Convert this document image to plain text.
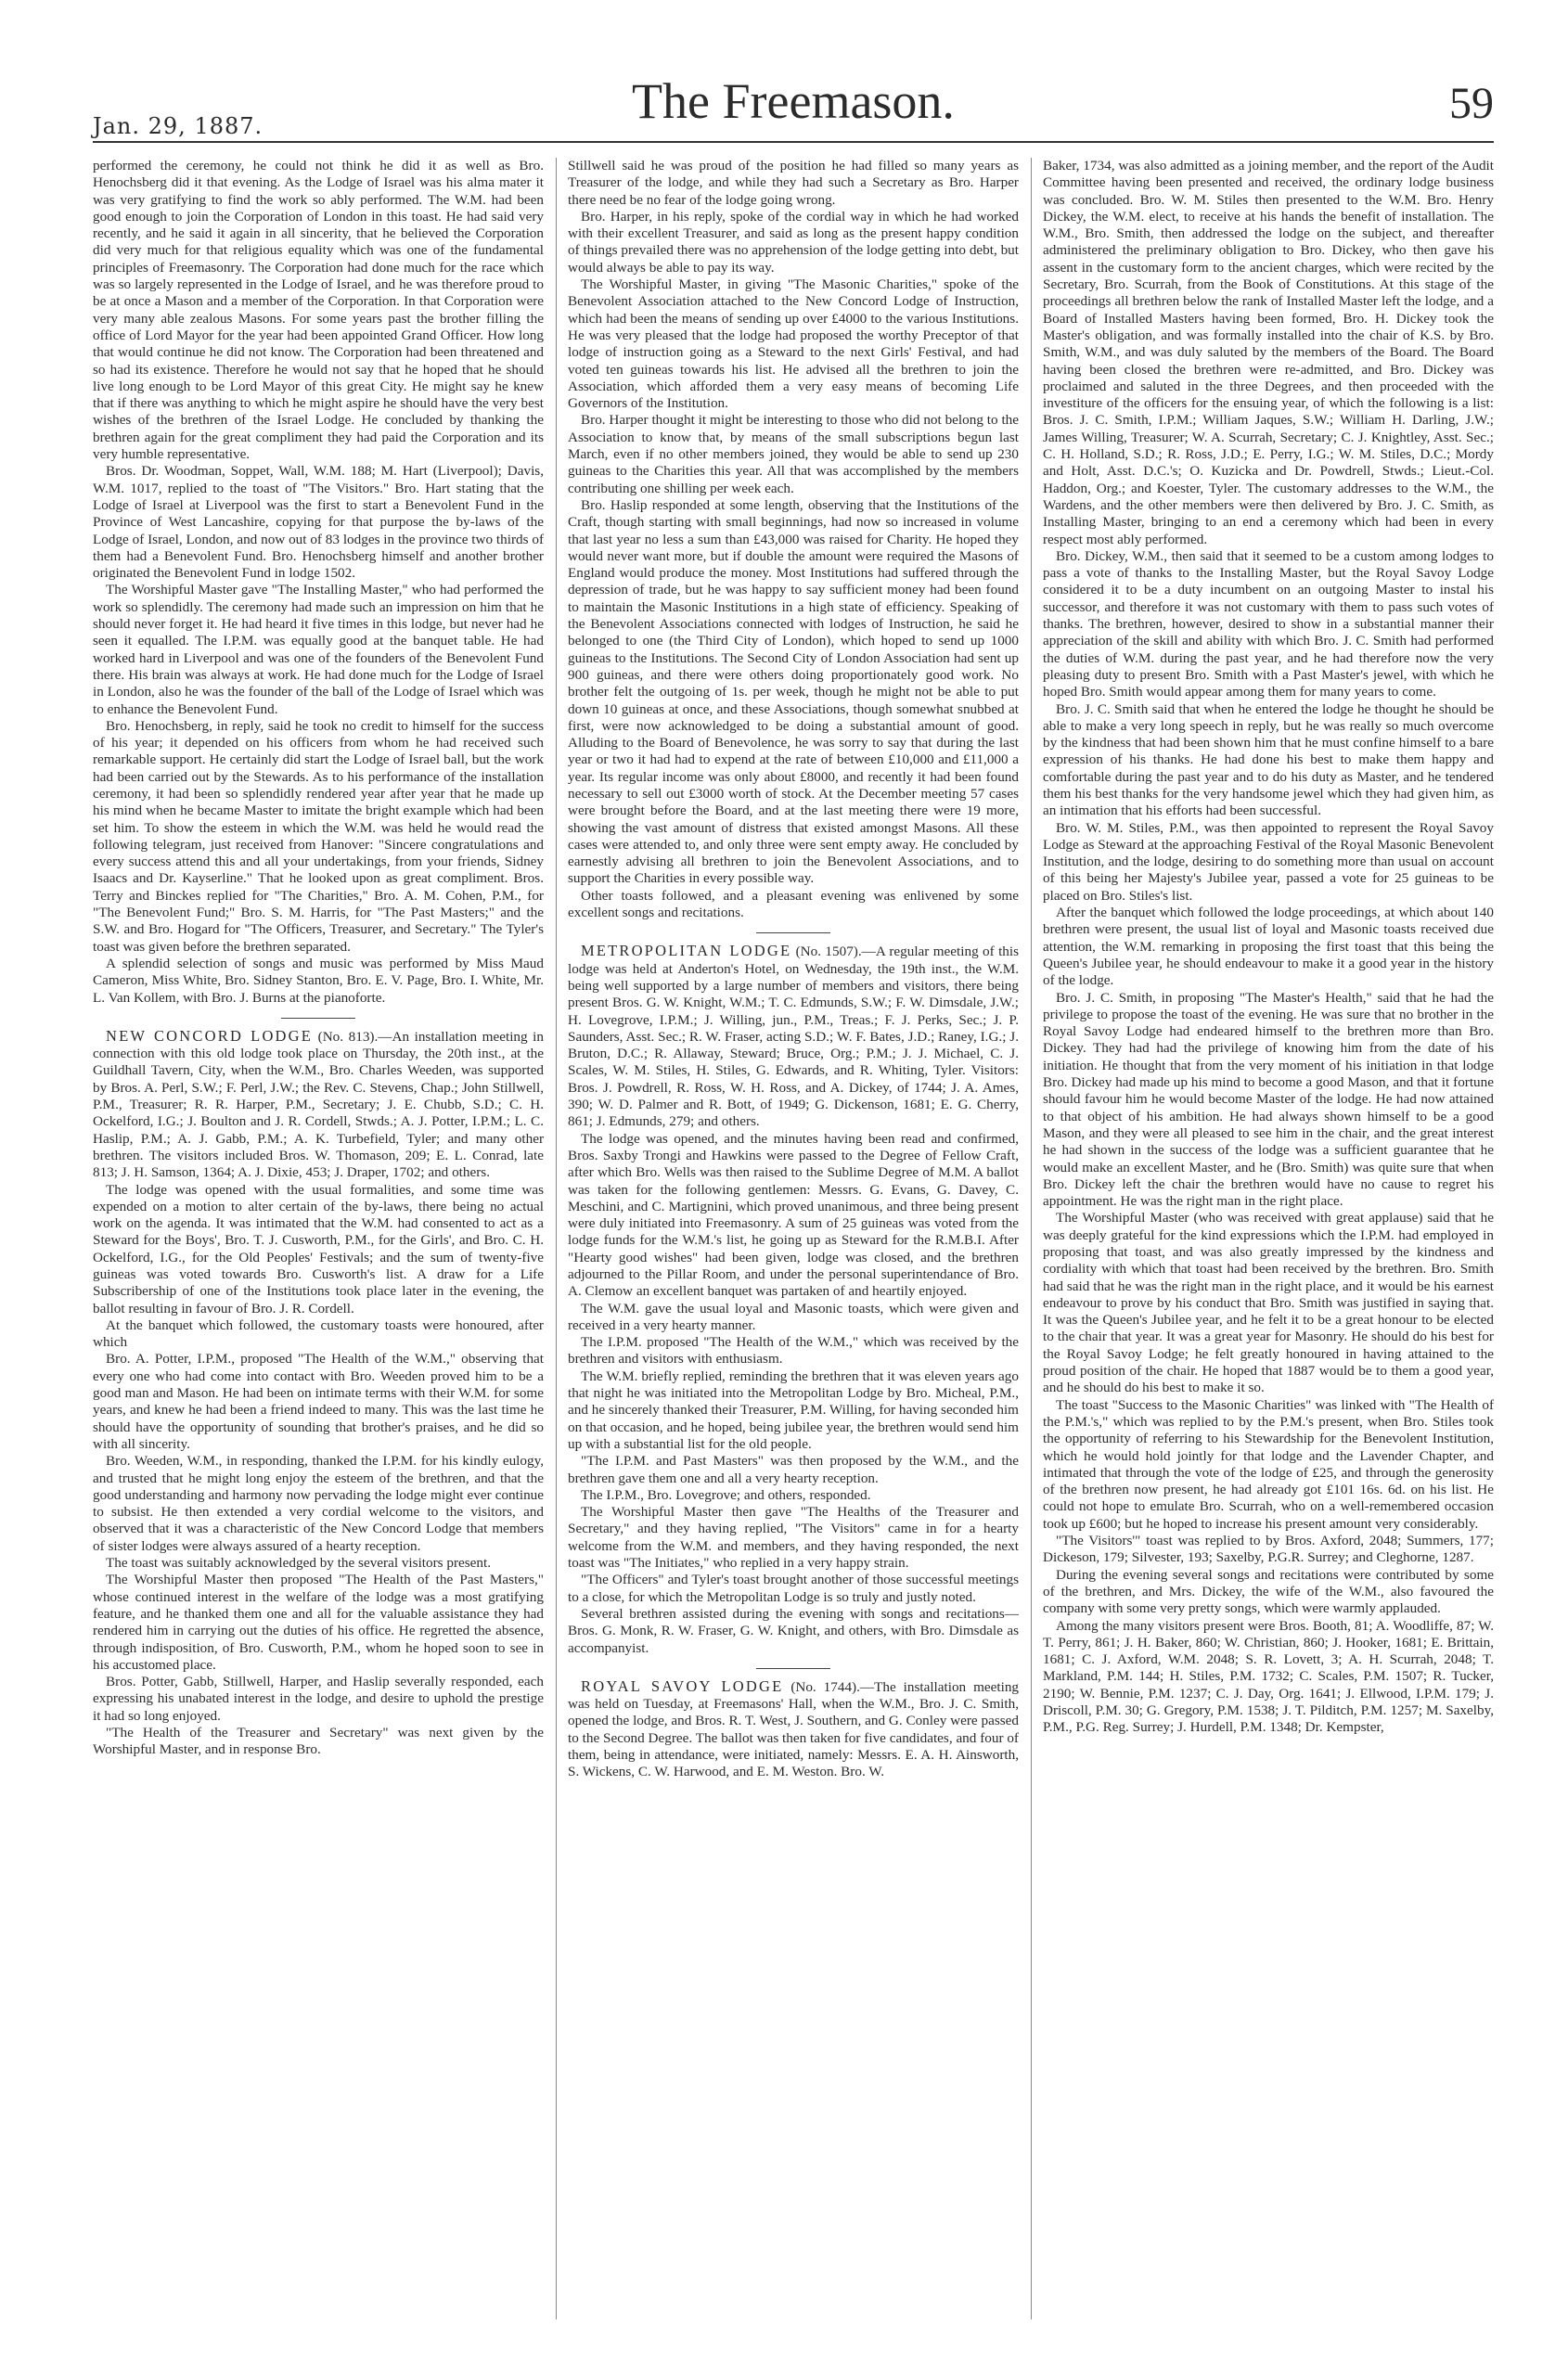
Jan. 29, 1887.	The Freemason.	59

performed the ceremony, he could not think he did it as well as Bro. Henochsberg did it that evening. As the Lodge of Israel was his alma mater it was very gratifying to find the work so ably performed. The W.M. had been good enough to join the Corporation of London in this toast. He had said very recently, and he said it again in all sincerity, that he believed the Corporation did very much for that religious equality which was one of the fundamental principles of Freemasonry. The Corporation had done much for the race which was so largely represented in the Lodge of Israel, and he was therefore proud to be at once a Mason and a member of the Corporation. In that Corporation were very many able zealous Masons. For some years past the brother filling the office of Lord Mayor for the year had been appointed Grand Officer. How long that would continue he did not know. The Corporation had been threatened and so had its existence. Therefore he would not say that he hoped that he should live long enough to be Lord Mayor of this great City. He might say he knew that if there was anything to which he might aspire he should have the very best wishes of the brethren of the Israel Lodge. He concluded by thanking the brethren again for the great compliment they had paid the Corporation and its very humble representative.

Bros. Dr. Woodman, Soppet, Wall, W.M. 188; M. Hart (Liverpool); Davis, W.M. 1017, replied to the toast of "The Visitors." Bro. Hart stating that the Lodge of Israel at Liverpool was the first to start a Benevolent Fund in the Province of West Lancashire, copying for that purpose the by-laws of the Lodge of Israel, London, and now out of 83 lodges in the province two thirds of them had a Benevolent Fund. Bro. Henochsberg himself and another brother originated the Benevolent Fund in lodge 1502.

The Worshipful Master gave "The Installing Master," who had performed the work so splendidly. The ceremony had made such an impression on him that he should never forget it. He had heard it five times in this lodge, but never had he seen it equalled. The I.P.M. was equally good at the banquet table. He had worked hard in Liverpool and was one of the founders of the Benevolent Fund there. His brain was always at work. He had done much for the Lodge of Israel in London, also he was the founder of the ball of the Lodge of Israel which was to enhance the Benevolent Fund.

Bro. Henochsberg, in reply, said he took no credit to himself for the success of his year; it depended on his officers from whom he had received such remarkable support. He certainly did start the Lodge of Israel ball, but the work had been carried out by the Stewards. As to his performance of the installation ceremony, it had been so splendidly rendered year after year that he made up his mind when he became Master to imitate the bright example which had been set him. To show the esteem in which the W.M. was held he would read the following telegram, just received from Hanover: "Sincere congratulations and every success attend this and all your undertakings, from your friends, Sidney Isaacs and Dr. Kayserline." That he looked upon as great compliment. Bros. Terry and Binckes replied for "The Charities," Bro. A. M. Cohen, P.M., for "The Benevolent Fund;" Bro. S. M. Harris, for "The Past Masters;" and the S.W. and Bro. Hogard for "The Officers, Treasurer, and Secretary." The Tyler's toast was given before the brethren separated.

A splendid selection of songs and music was performed by Miss Maud Cameron, Miss White, Bro. Sidney Stanton, Bro. E. V. Page, Bro. I. White, Mr. L. Van Kollem, with Bro. J. Burns at the pianoforte.

NEW CONCORD LODGE (No. 813).—An installation meeting in connection with this old lodge took place on Thursday, the 20th inst., at the Guildhall Tavern, City, when the W.M., Bro. Charles Weeden, was supported by Bros. A. Perl, S.W.; F. Perl, J.W.; the Rev. C. Stevens, Chap.; John Stillwell, P.M., Treasurer; R. R. Harper, P.M., Secretary; J. E. Chubb, S.D.; C. H. Ockelford, I.G.; J. Boulton and J. R. Cordell, Stwds.; A. J. Potter, I.P.M.; L. C. Haslip, P.M.; A. J. Gabb, P.M.; A. K. Turbefield, Tyler; and many other brethren. The visitors included Bros. W. Thomason, 209; E. L. Conrad, late 813; J. H. Samson, 1364; A. J. Dixie, 453; J. Draper, 1702; and others.

The lodge was opened with the usual formalities, and some time was expended on a motion to alter certain of the by-laws, there being no actual work on the agenda. It was intimated that the W.M. had consented to act as a Steward for the Boys', Bro. T. J. Cusworth, P.M., for the Girls', and Bro. C. H. Ockelford, I.G., for the Old Peoples' Festivals; and the sum of twenty-five guineas was voted towards Bro. Cusworth's list. A draw for a Life Subscribership of one of the Institutions took place later in the evening, the ballot resulting in favour of Bro. J. R. Cordell.

At the banquet which followed, the customary toasts were honoured, after which

Bro. A. Potter, I.P.M., proposed "The Health of the W.M.," observing that every one who had come into contact with Bro. Weeden proved him to be a good man and Mason. He had been on intimate terms with their W.M. for some years, and knew he had been a friend indeed to many. This was the last time he should have the opportunity of sounding that brother's praises, and he did so with all sincerity.

Bro. Weeden, W.M., in responding, thanked the I.P.M. for his kindly eulogy, and trusted that he might long enjoy the esteem of the brethren, and that the good understanding and harmony now pervading the lodge might ever continue to subsist. He then extended a very cordial welcome to the visitors, and observed that it was a characteristic of the New Concord Lodge that members of sister lodges were always assured of a hearty reception.

The toast was suitably acknowledged by the several visitors present.

The Worshipful Master then proposed "The Health of the Past Masters," whose continued interest in the welfare of the lodge was a most gratifying feature, and he thanked them one and all for the valuable assistance they had rendered him in carrying out the duties of his office. He regretted the absence, through indisposition, of Bro. Cusworth, P.M., whom he hoped soon to see in his accustomed place.

Bros. Potter, Gabb, Stillwell, Harper, and Haslip severally responded, each expressing his unabated interest in the lodge, and desire to uphold the prestige it had so long enjoyed.

"The Health of the Treasurer and Secretary" was next given by the Worshipful Master, and in response Bro.

Stillwell said he was proud of the position he had filled so many years as Treasurer of the lodge, and while they had such a Secretary as Bro. Harper there need be no fear of the lodge going wrong.

Bro. Harper, in his reply, spoke of the cordial way in which he had worked with their excellent Treasurer, and said as long as the present happy condition of things prevailed there was no apprehension of the lodge getting into debt, but would always be able to pay its way.

The Worshipful Master, in giving "The Masonic Charities," spoke of the Benevolent Association attached to the New Concord Lodge of Instruction, which had been the means of sending up over £4000 to the various Institutions. He was very pleased that the lodge had proposed the worthy Preceptor of that lodge of instruction going as a Steward to the next Girls' Festival, and had voted ten guineas towards his list. He advised all the brethren to join the Association, which afforded them a very easy means of becoming Life Governors of the Institution.

Bro. Harper thought it might be interesting to those who did not belong to the Association to know that, by means of the small subscriptions begun last March, even if no other members joined, they would be able to send up 230 guineas to the Charities this year. All that was accomplished by the members contributing one shilling per week each.

Bro. Haslip responded at some length, observing that the Institutions of the Craft, though starting with small beginnings, had now so increased in volume that last year no less a sum than £43,000 was raised for Charity. He hoped they would never want more, but if double the amount were required the Masons of England would produce the money. Most Institutions had suffered through the depression of trade, but he was happy to say sufficient money had been found to maintain the Masonic Institutions in a high state of efficiency. Speaking of the Benevolent Associations connected with lodges of Instruction, he said he belonged to one (the Third City of London), which hoped to send up 1000 guineas to the Institutions. The Second City of London Association had sent up 900 guineas, and there were others doing proportionately good work. No brother felt the outgoing of 1s. per week, though he might not be able to put down 10 guineas at once, and these Associations, though somewhat snubbed at first, were now acknowledged to be doing a substantial amount of good. Alluding to the Board of Benevolence, he was sorry to say that during the last year or two it had had to expend at the rate of between £10,000 and £11,000 a year. Its regular income was only about £8000, and recently it had been found necessary to sell out £3000 worth of stock. At the December meeting 57 cases were brought before the Board, and at the last meeting there were 19 more, showing the vast amount of distress that existed amongst Masons. All these cases were attended to, and only three were sent empty away. He concluded by earnestly advising all brethren to join the Benevolent Associations, and to support the Charities in every possible way.

Other toasts followed, and a pleasant evening was enlivened by some excellent songs and recitations.

METROPOLITAN LODGE (No. 1507).—A regular meeting of this lodge was held at Anderton's Hotel, on Wednesday, the 19th inst., the W.M. being well supported by a large number of members and visitors, there being present Bros. G. W. Knight, W.M.; T. C. Edmunds, S.W.; F. W. Dimsdale, J.W.; H. Lovegrove, I.P.M.; J. Willing, jun., P.M., Treas.; F. J. Perks, Sec.; J. P. Saunders, Asst. Sec.; R. W. Fraser, acting S.D.; W. F. Bates, J.D.; Raney, I.G.; J. Bruton, D.C.; R. Allaway, Steward; Bruce, Org.; P.M.; J. J. Michael, C. J. Scales, W. M. Stiles, H. Stiles, G. Edwards, and R. Whiting, Tyler. Visitors: Bros. J. Powdrell, R. Ross, W. H. Ross, and A. Dickey, of 1744; J. A. Ames, 390; W. D. Palmer and R. Bott, of 1949; G. Dickenson, 1681; E. G. Cherry, 861; J. Edmunds, 279; and others.

The lodge was opened, and the minutes having been read and confirmed, Bros. Saxby Trongi and Hawkins were passed to the Degree of Fellow Craft, after which Bro. Wells was then raised to the Sublime Degree of M.M. A ballot was taken for the following gentlemen: Messrs. G. Evans, G. Davey, C. Meschini, and C. Martignini, which proved unanimous, and three being present were duly initiated into Freemasonry. A sum of 25 guineas was voted from the lodge funds for the W.M.'s list, he going up as Steward for the R.M.B.I. After "Hearty good wishes" had been given, lodge was closed, and the brethren adjourned to the Pillar Room, and under the personal superintendance of Bro. A. Clemow an excellent banquet was partaken of and heartily enjoyed.

The W.M. gave the usual loyal and Masonic toasts, which were given and received in a very hearty manner.

The I.P.M. proposed "The Health of the W.M.," which was received by the brethren and visitors with enthusiasm.

The W.M. briefly replied, reminding the brethren that it was eleven years ago that night he was initiated into the Metropolitan Lodge by Bro. Micheal, P.M., and he sincerely thanked their Treasurer, P.M. Willing, for having seconded him on that occasion, and he hoped, being jubilee year, the brethren would send him up with a substantial list for the old people.

"The I.P.M. and Past Masters" was then proposed by the W.M., and the brethren gave them one and all a very hearty reception.

The I.P.M., Bro. Lovegrove; and others, responded.

The Worshipful Master then gave "The Healths of the Treasurer and Secretary," and they having replied, "The Visitors" came in for a hearty welcome from the W.M. and members, and they having responded, the next toast was "The Initiates," who replied in a very happy strain.

"The Officers" and Tyler's toast brought another of those successful meetings to a close, for which the Metropolitan Lodge is so truly and justly noted.

Several brethren assisted during the evening with songs and recitations—Bros. G. Monk, R. W. Fraser, G. W. Knight, and others, with Bro. Dimsdale as accompanyist.

ROYAL SAVOY LODGE (No. 1744).—The installation meeting was held on Tuesday, at Freemasons' Hall, when the W.M., Bro. J. C. Smith, opened the lodge, and Bros. R. T. West, J. Southern, and G. Conley were passed to the Second Degree. The ballot was then taken for five candidates, and four of them, being in attendance, were initiated, namely: Messrs. E. A. H. Ainsworth, S. Wickens, C. W. Harwood, and E. M. Weston. Bro. W.

Baker, 1734, was also admitted as a joining member, and the report of the Audit Committee having been presented and received, the ordinary lodge business was concluded. Bro. W. M. Stiles then presented to the W.M. Bro. Henry Dickey, the W.M. elect, to receive at his hands the benefit of installation. The W.M., Bro. Smith, then addressed the lodge on the subject, and thereafter administered the preliminary obligation to Bro. Dickey, who then gave his assent in the customary form to the ancient charges, which were recited by the Secretary, Bro. Scurrah, from the Book of Constitutions. At this stage of the proceedings all brethren below the rank of Installed Master left the lodge, and a Board of Installed Masters having been formed, Bro. H. Dickey took the Master's obligation, and was formally installed into the chair of K.S. by Bro. Smith, W.M., and was duly saluted by the members of the Board. The Board having been closed the brethren were re-admitted, and Bro. Dickey was proclaimed and saluted in the three Degrees, and then proceeded with the investiture of the officers for the ensuing year, of which the following is a list: Bros. J. C. Smith, I.P.M.; William Jaques, S.W.; William H. Darling, J.W.; James Willing, Treasurer; W. A. Scurrah, Secretary; C. J. Knightley, Asst. Sec.; C. H. Holland, S.D.; R. Ross, J.D.; E. Perry, I.G.; W. M. Stiles, D.C.; Mordy and Holt, Asst. D.C.'s; O. Kuzicka and Dr. Powdrell, Stwds.; Lieut.-Col. Haddon, Org.; and Koester, Tyler. The customary addresses to the W.M., the Wardens, and the other members were then delivered by Bro. J. C. Smith, as Installing Master, bringing to an end a ceremony which had been in every respect most ably performed.

Bro. Dickey, W.M., then said that it seemed to be a custom among lodges to pass a vote of thanks to the Installing Master, but the Royal Savoy Lodge considered it to be a duty incumbent on an outgoing Master to instal his successor, and therefore it was not customary with them to pass such votes of thanks. The brethren, however, desired to show in a substantial manner their appreciation of the skill and ability with which Bro. J. C. Smith had performed the duties of W.M. during the past year, and he had therefore now the very pleasing duty to present Bro. Smith with a Past Master's jewel, with which he hoped Bro. Smith would appear among them for many years to come.

Bro. J. C. Smith said that when he entered the lodge he thought he should be able to make a very long speech in reply, but he was really so much overcome by the kindness that had been shown him that he must confine himself to a bare expression of his thanks. He had done his best to make them happy and comfortable during the past year and to do his duty as Master, and he tendered them his best thanks for the very handsome jewel which they had given him, as an intimation that his efforts had been successful.

Bro. W. M. Stiles, P.M., was then appointed to represent the Royal Savoy Lodge as Steward at the approaching Festival of the Royal Masonic Benevolent Institution, and the lodge, desiring to do something more than usual on account of this being her Majesty's Jubilee year, passed a vote for 25 guineas to be placed on Bro. Stiles's list.

After the banquet which followed the lodge proceedings, at which about 140 brethren were present, the usual list of loyal and Masonic toasts received due attention, the W.M. remarking in proposing the first toast that this being the Queen's Jubilee year, he should endeavour to make it a good year in the history of the lodge.

Bro. J. C. Smith, in proposing "The Master's Health," said that he had the privilege to propose the toast of the evening. He was sure that no brother in the Royal Savoy Lodge had endeared himself to the brethren more than Bro. Dickey. They had had the privilege of knowing him from the date of his initiation. He thought that from the very moment of his initiation in that lodge Bro. Dickey had made up his mind to become a good Mason, and that it fortune should favour him he would become Master of the lodge. He had now attained to that object of his ambition. He had always shown himself to be a good Mason, and they were all pleased to see him in the chair, and the great interest he had shown in the success of the lodge was a sufficient guarantee that he would make an excellent Master, and he (Bro. Smith) was quite sure that when Bro. Dickey left the chair the brethren would have no cause to regret his appointment. He was the right man in the right place.

The Worshipful Master (who was received with great applause) said that he was deeply grateful for the kind expressions which the I.P.M. had employed in proposing that toast, and was also greatly impressed by the kindness and cordiality with which that toast had been received by the brethren. Bro. Smith had said that he was the right man in the right place, and it would be his earnest endeavour to prove by his conduct that Bro. Smith was justified in saying that. It was the Queen's Jubilee year, and he felt it to be a great honour to be elected to the chair that year. It was a great year for Masonry. He should do his best for the Royal Savoy Lodge; he felt greatly honoured in having attained to the proud position of the chair. He hoped that 1887 would be to them a good year, and he should do his best to make it so.

The toast "Success to the Masonic Charities" was linked with "The Health of the P.M.'s," which was replied to by the P.M.'s present, when Bro. Stiles took the opportunity of referring to his Stewardship for the Benevolent Institution, which he would hold jointly for that lodge and the Lavender Chapter, and intimated that through the vote of the lodge of £25, and through the generosity of the brethren now present, he had already got £101 16s. 6d. on his list. He could not hope to emulate Bro. Scurrah, who on a well-remembered occasion took up £600; but he hoped to increase his present amount very considerably.

"The Visitors'" toast was replied to by Bros. Axford, 2048; Summers, 177; Dickeson, 179; Silvester, 193; Saxelby, P.G.R. Surrey; and Cleghorne, 1287.

During the evening several songs and recitations were contributed by some of the brethren, and Mrs. Dickey, the wife of the W.M., also favoured the company with some very pretty songs, which were warmly applauded.

Among the many visitors present were Bros. Booth, 81; A. Woodliffe, 87; W. T. Perry, 861; J. H. Baker, 860; W. Christian, 860; J. Hooker, 1681; E. Brittain, 1681; C. J. Axford, W.M. 2048; S. R. Lovett, 3; A. H. Scurrah, 2048; T. Markland, P.M. 144; H. Stiles, P.M. 1732; C. Scales, P.M. 1507; R. Tucker, 2190; W. Bennie, P.M. 1237; C. J. Day, Org. 1641; J. Ellwood, I.P.M. 179; J. Driscoll, P.M. 30; G. Gregory, P.M. 1538; J. T. Pilditch, P.M. 1257; M. Saxelby, P.M., P.G. Reg. Surrey; J. Hurdell, P.M. 1348; Dr. Kempster,
